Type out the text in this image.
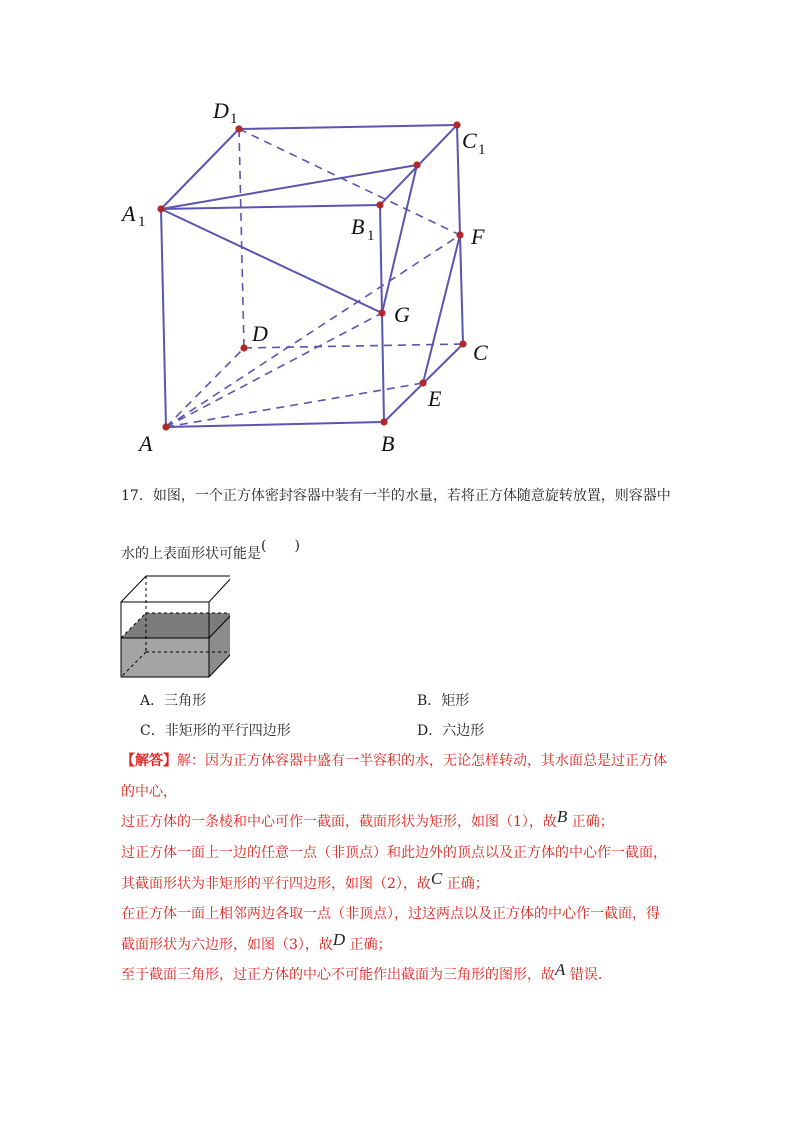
D 1
C 1
A 1	B 1	F
G
D
C
E
A	B
17．如图，一个正方体密封容器中装有一半的水量，若将正方体随意旋转放置，则容器中
水的上表面形状可能是(　　)
A．三角形	B．矩形
C．非矩形的平行四边形	D．六边形
【解答】解：因为正方体容器中盛有一半容积的水，无论怎样转动，其水面总是过正方体
的中心，
过正方体的一条棱和中心可作一截面，截面形状为矩形，如图（1），故B 正确；
过正方体一面上一边的任意一点（非顶点）和此边外的顶点以及正方体的中心作一截面，
其截面形状为非矩形的平行四边形，如图（2），故C 正确；
在正方体一面上相邻两边各取一点（非顶点），过这两点以及正方体的中心作一截面，得
截面形状为六边形，如图（3），故D 正确；
至于截面三角形，过正方体的中心不可能作出截面为三角形的图形，故A 错误.
